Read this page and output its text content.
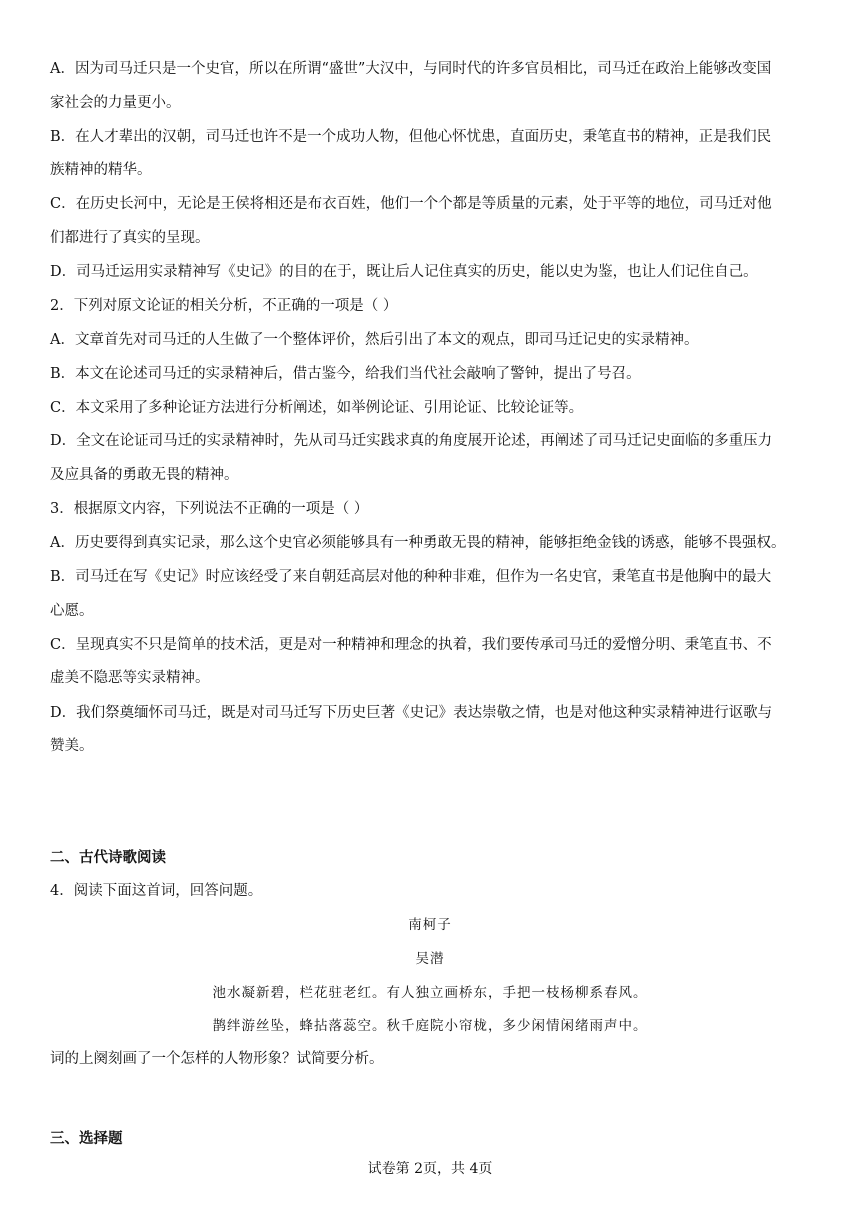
A．因为司马迁只是一个史官，所以在所谓“盛世”大汉中，与同时代的许多官员相比，司马迁在政治上能够改变国
家社会的力量更小。
B．在人才辈出的汉朝，司马迁也许不是一个成功人物，但他心怀忧患，直面历史，秉笔直书的精神，正是我们民
族精神的精华。
C．在历史长河中，无论是王侯将相还是布衣百姓，他们一个个都是等质量的元素，处于平等的地位，司马迁对他
们都进行了真实的呈现。
D．司马迁运用实录精神写《史记》的目的在于，既让后人记住真实的历史，能以史为鉴，也让人们记住自己。
2．下列对原文论证的相关分析，不正确的一项是（ ）
A．文章首先对司马迁的人生做了一个整体评价，然后引出了本文的观点，即司马迁记史的实录精神。
B．本文在论述司马迁的实录精神后，借古鉴今，给我们当代社会敲响了警钟，提出了号召。
C．本文采用了多种论证方法进行分析阐述，如举例论证、引用论证、比较论证等。
D．全文在论证司马迁的实录精神时，先从司马迁实践求真的角度展开论述，再阐述了司马迁记史面临的多重压力
及应具备的勇敢无畏的精神。
3．根据原文内容，下列说法不正确的一项是（ ）
A．历史要得到真实记录，那么这个史官必须能够具有一种勇敢无畏的精神，能够拒绝金钱的诱惑，能够不畏强权。
B．司马迁在写《史记》时应该经受了来自朝廷高层对他的种种非难，但作为一名史官，秉笔直书是他胸中的最大
心愿。
C．呈现真实不只是简单的技术活，更是对一种精神和理念的执着，我们要传承司马迁的爱憎分明、秉笔直书、不
虚美不隐恶等实录精神。
D．我们祭奠缅怀司马迁，既是对司马迁写下历史巨著《史记》表达崇敬之情，也是对他这种实录精神进行讴歌与
赞美。
二、古代诗歌阅读
4．阅读下面这首词，回答问题。
南柯子
吴潜
池水凝新碧，栏花驻老红。有人独立画桥东，手把一枝杨柳系春风。
鹊绊游丝坠，蜂拈落蕊空。秋千庭院小帘栊，多少闲情闲绪雨声中。
词的上阕刻画了一个怎样的人物形象？试简要分析。
三、选择题
试卷第 2页，共 4页
